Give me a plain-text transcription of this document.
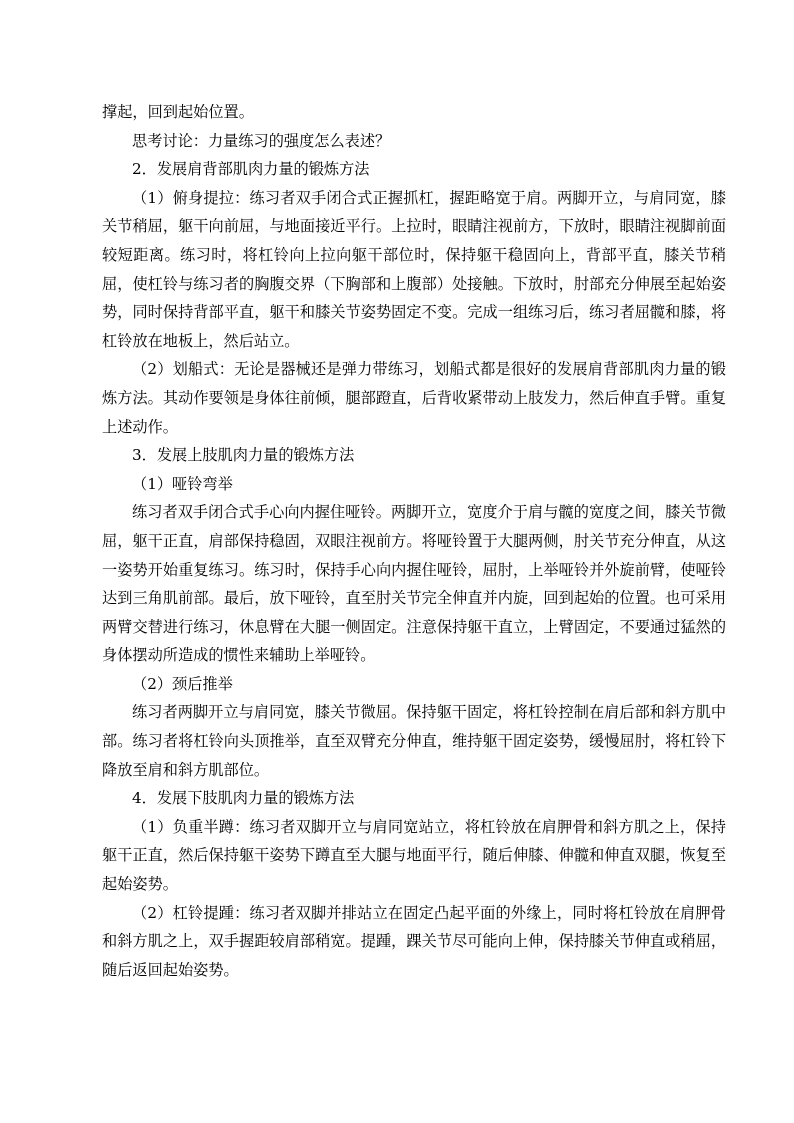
撑起，回到起始位置。

思考讨论：力量练习的强度怎么表述？

2．发展肩背部肌肉力量的锻炼方法

（1）俯身提拉：练习者双手闭合式正握抓杠，握距略宽于肩。两脚开立，与肩同宽，膝关节稍屈，躯干向前屈，与地面接近平行。上拉时，眼睛注视前方，下放时，眼睛注视脚前面较短距离。练习时，将杠铃向上拉向躯干部位时，保持躯干稳固向上，背部平直，膝关节稍屈，使杠铃与练习者的胸腹交界（下胸部和上腹部）处接触。下放时，肘部充分伸展至起始姿势，同时保持背部平直，躯干和膝关节姿势固定不变。完成一组练习后，练习者屈髋和膝，将杠铃放在地板上，然后站立。

（2）划船式：无论是器械还是弹力带练习，划船式都是很好的发展肩背部肌肉力量的锻炼方法。其动作要领是身体往前倾，腿部蹬直，后背收紧带动上肢发力，然后伸直手臂。重复上述动作。

3．发展上肢肌肉力量的锻炼方法

（1）哑铃弯举

练习者双手闭合式手心向内握住哑铃。两脚开立，宽度介于肩与髋的宽度之间，膝关节微屈，躯干正直，肩部保持稳固，双眼注视前方。将哑铃置于大腿两侧，肘关节充分伸直，从这一姿势开始重复练习。练习时，保持手心向内握住哑铃，屈肘，上举哑铃并外旋前臂，使哑铃达到三角肌前部。最后，放下哑铃，直至肘关节完全伸直并内旋，回到起始的位置。也可采用两臂交替进行练习，休息臂在大腿一侧固定。注意保持躯干直立，上臂固定，不要通过猛然的身体摆动所造成的惯性来辅助上举哑铃。

（2）颈后推举

练习者两脚开立与肩同宽，膝关节微屈。保持躯干固定，将杠铃控制在肩后部和斜方肌中部。练习者将杠铃向头顶推举，直至双臂充分伸直，维持躯干固定姿势，缓慢屈肘，将杠铃下降放至肩和斜方肌部位。

4．发展下肢肌肉力量的锻炼方法

（1）负重半蹲：练习者双脚开立与肩同宽站立，将杠铃放在肩胛骨和斜方肌之上，保持躯干正直，然后保持躯干姿势下蹲直至大腿与地面平行，随后伸膝、伸髋和伸直双腿，恢复至起始姿势。

（2）杠铃提踵：练习者双脚并排站立在固定凸起平面的外缘上，同时将杠铃放在肩胛骨和斜方肌之上，双手握距较肩部稍宽。提踵，踝关节尽可能向上伸，保持膝关节伸直或稍屈，随后返回起始姿势。
